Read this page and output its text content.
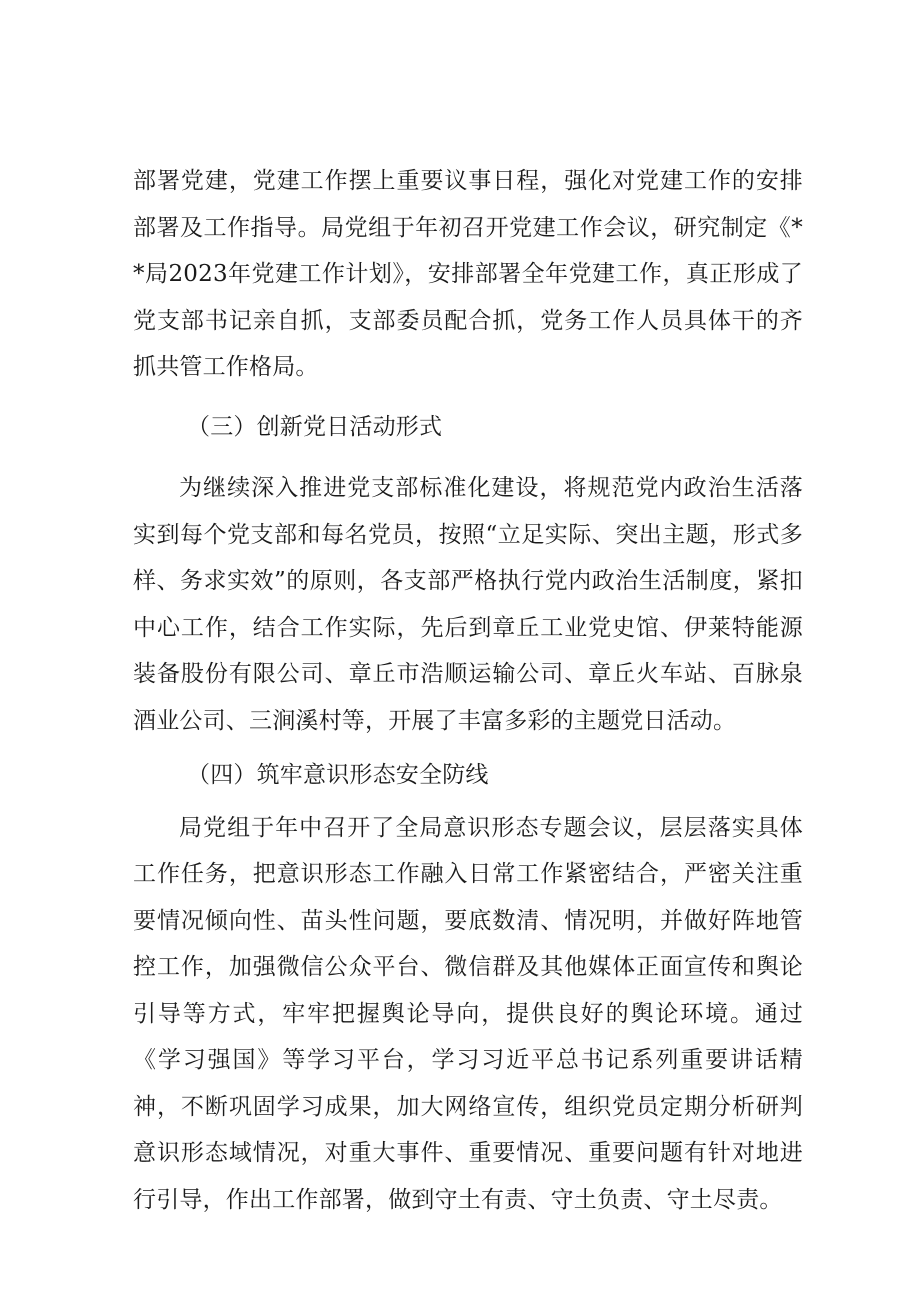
部署党建，党建工作摆上重要议事日程，强化对党建工作的安排部署及工作指导。局党组于年初召开党建工作会议，研究制定《**局2023年党建工作计划》，安排部署全年党建工作，真正形成了党支部书记亲自抓，支部委员配合抓，党务工作人员具体干的齐抓共管工作格局。

（三）创新党日活动形式

为继续深入推进党支部标准化建设，将规范党内政治生活落实到每个党支部和每名党员，按照“立足实际、突出主题，形式多样、务求实效”的原则，各支部严格执行党内政治生活制度，紧扣中心工作，结合工作实际，先后到章丘工业党史馆、伊莱特能源装备股份有限公司、章丘市浩顺运输公司、章丘火车站、百脉泉酒业公司、三涧溪村等，开展了丰富多彩的主题党日活动。

（四）筑牢意识形态安全防线

局党组于年中召开了全局意识形态专题会议，层层落实具体工作任务，把意识形态工作融入日常工作紧密结合，严密关注重要情况倾向性、苗头性问题，要底数清、情况明，并做好阵地管控工作，加强微信公众平台、微信群及其他媒体正面宣传和舆论引导等方式，牢牢把握舆论导向，提供良好的舆论环境。通过《学习强国》等学习平台，学习习近平总书记系列重要讲话精神，不断巩固学习成果，加大网络宣传，组织党员定期分析研判意识形态域情况，对重大事件、重要情况、重要问题有针对地进行引导，作出工作部署，做到守土有责、守土负责、守土尽责。
